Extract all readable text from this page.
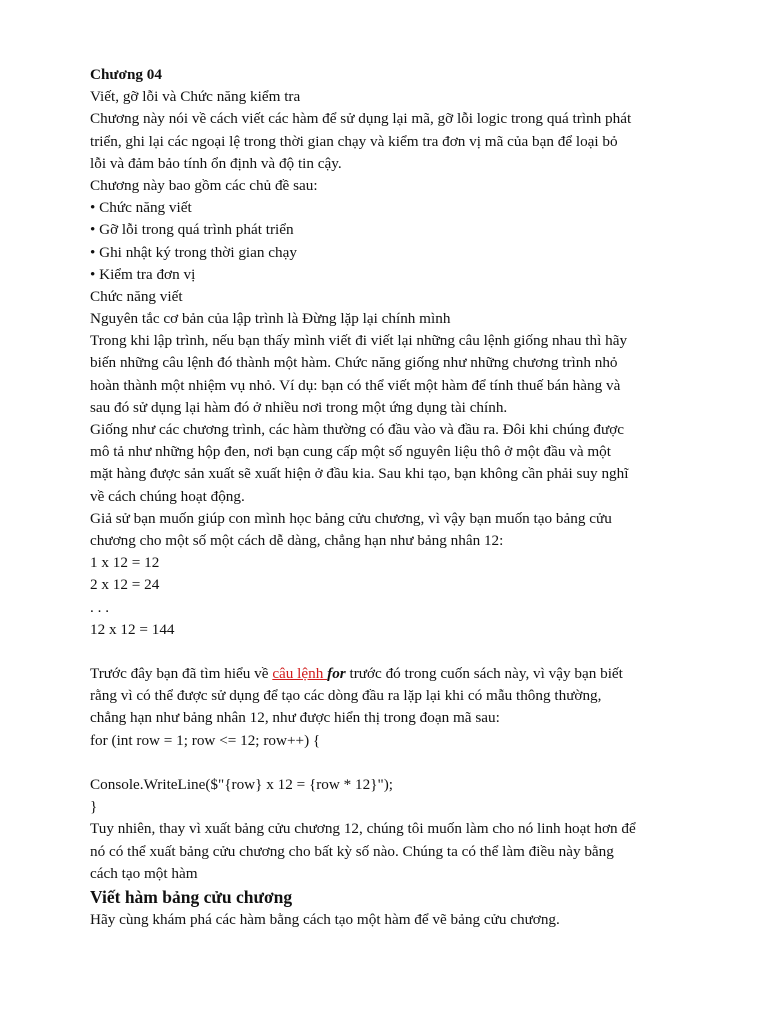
Chương 04
Viết, gỡ lỗi và Chức năng kiểm tra
Chương này nói về cách viết các hàm để sử dụng lại mã, gỡ lỗi logic trong quá trình phát
triển, ghi lại các ngoại lệ trong thời gian chạy và kiểm tra đơn vị mã của bạn để loại bỏ
lỗi và đảm bảo tính ổn định và độ tin cậy.
Chương này bao gồm các chủ đề sau:
• Chức năng viết
• Gỡ lỗi trong quá trình phát triển
• Ghi nhật ký trong thời gian chạy
• Kiểm tra đơn vị
Chức năng viết
Nguyên tắc cơ bản của lập trình là Đừng lặp lại chính mình
Trong khi lập trình, nếu bạn thấy mình viết đi viết lại những câu lệnh giống nhau thì hãy
biến những câu lệnh đó thành một hàm. Chức năng giống như những chương trình nhỏ
hoàn thành một nhiệm vụ nhỏ. Ví dụ: bạn có thể viết một hàm để tính thuế bán hàng và
sau đó sử dụng lại hàm đó ở nhiều nơi trong một ứng dụng tài chính.
Giống như các chương trình, các hàm thường có đầu vào và đầu ra. Đôi khi chúng được
mô tả như những hộp đen, nơi bạn cung cấp một số nguyên liệu thô ở một đầu và một
mặt hàng được sản xuất sẽ xuất hiện ở đầu kia. Sau khi tạo, bạn không cần phải suy nghĩ
về cách chúng hoạt động.
Giả sử bạn muốn giúp con mình học bảng cửu chương, vì vậy bạn muốn tạo bảng cửu
chương cho một số một cách dễ dàng, chẳng hạn như bảng nhân 12:
1 x 12 = 12
2 x 12 = 24
. . .
12 x 12 = 144
Trước đây bạn đã tìm hiểu về câu lệnh for trước đó trong cuốn sách này, vì vậy bạn biết
rằng vì có thể được sử dụng để tạo các dòng đầu ra lặp lại khi có mẫu thông thường,
chẳng hạn như bảng nhân 12, như được hiển thị trong đoạn mã sau:
for (int row = 1; row <= 12; row++) {
Console.WriteLine($"{row} x 12 = {row * 12}");
}
Tuy nhiên, thay vì xuất bảng cửu chương 12, chúng tôi muốn làm cho nó linh hoạt hơn để
nó có thể xuất bảng cửu chương cho bất kỳ số nào. Chúng ta có thể làm điều này bằng
cách tạo một hàm
Viết hàm bảng cửu chương
Hãy cùng khám phá các hàm bằng cách tạo một hàm để vẽ bảng cửu chương.
